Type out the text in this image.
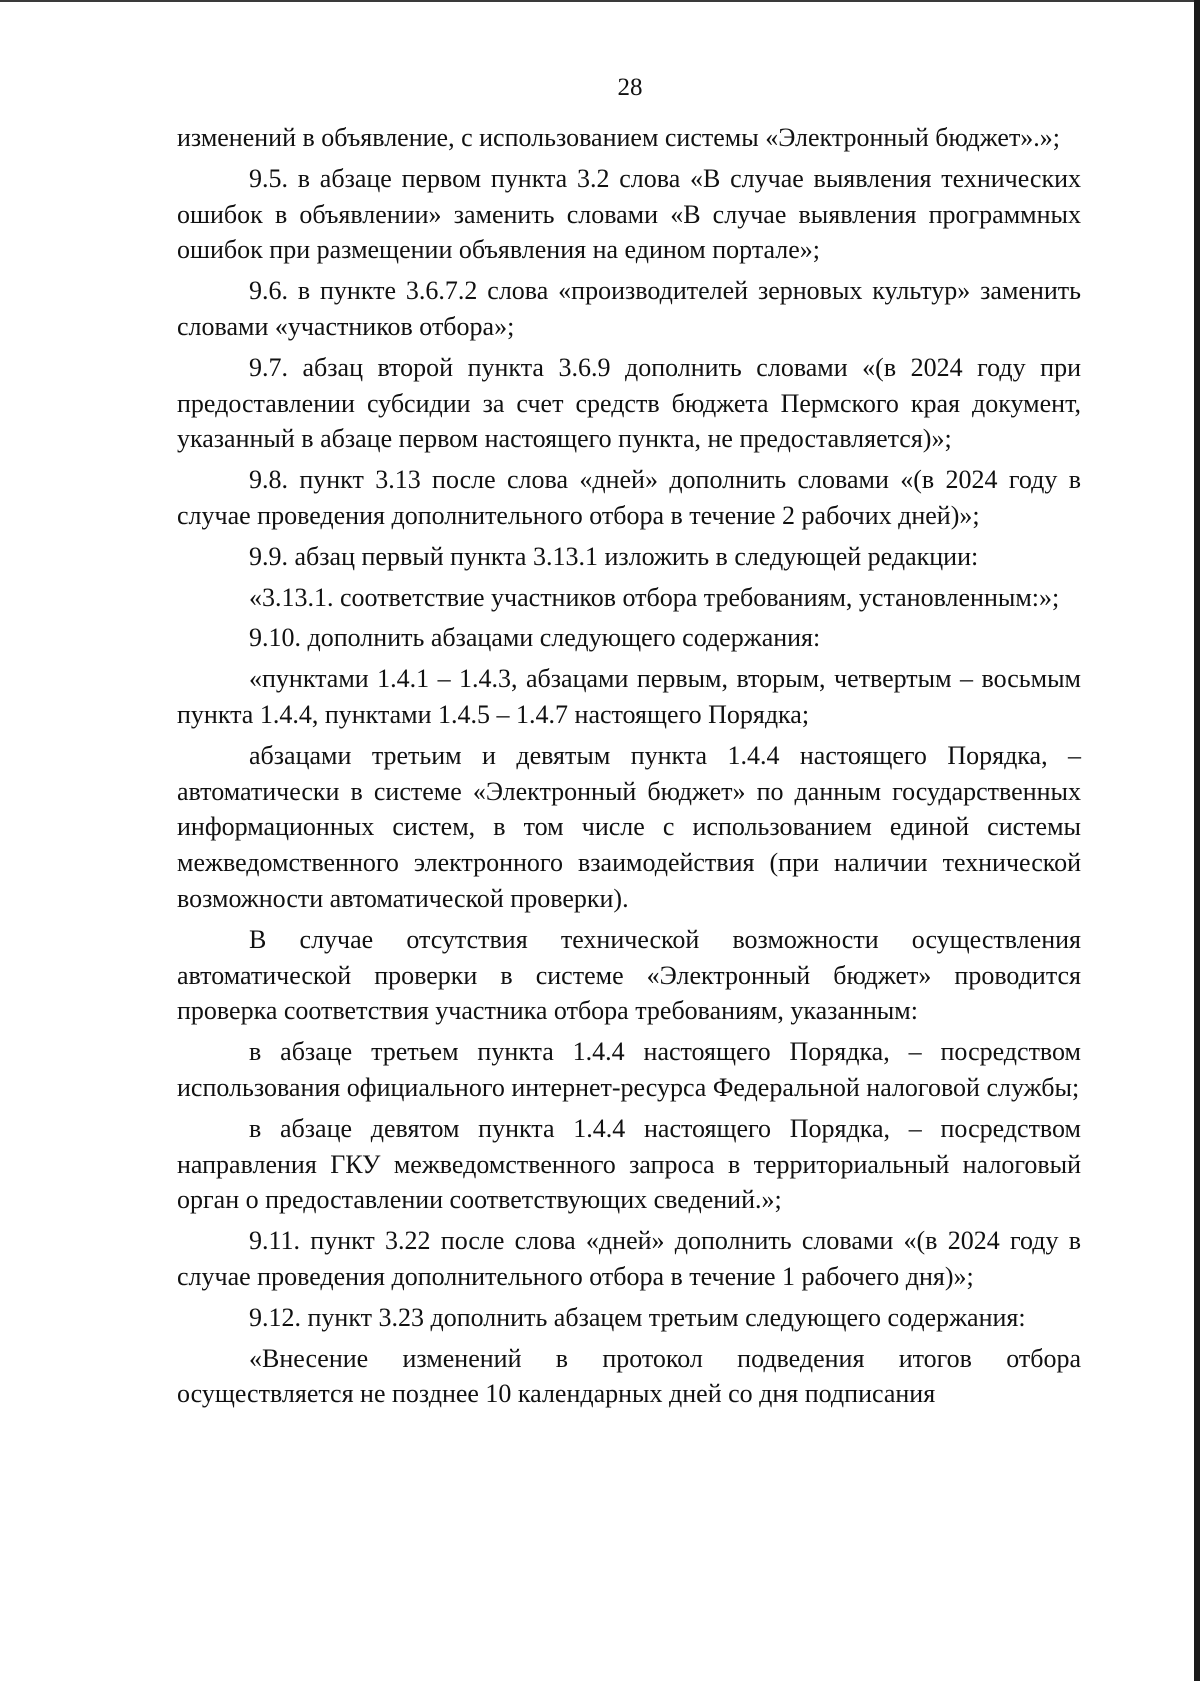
28

изменений в объявление, с использованием системы «Электронный бюджет».»;

9.5. в абзаце первом пункта 3.2 слова «В случае выявления технических ошибок в объявлении» заменить словами «В случае выявления программных ошибок при размещении объявления на едином портале»;

9.6. в пункте 3.6.7.2 слова «производителей зерновых культур» заменить словами «участников отбора»;

9.7. абзац второй пункта 3.6.9 дополнить словами «(в 2024 году при предоставлении субсидии за счет средств бюджета Пермского края документ, указанный в абзаце первом настоящего пункта, не предоставляется)»;

9.8. пункт 3.13 после слова «дней» дополнить словами «(в 2024 году в случае проведения дополнительного отбора в течение 2 рабочих дней)»;

9.9. абзац первый пункта 3.13.1 изложить в следующей редакции:

«3.13.1. соответствие участников отбора требованиям, установленным:»;

9.10. дополнить абзацами следующего содержания:

«пунктами 1.4.1 – 1.4.3, абзацами первым, вторым, четвертым – восьмым пункта 1.4.4, пунктами 1.4.5 – 1.4.7 настоящего Порядка;

абзацами третьим и девятым пункта 1.4.4 настоящего Порядка, – автоматически в системе «Электронный бюджет» по данным государственных информационных систем, в том числе с использованием единой системы межведомственного электронного взаимодействия (при наличии технической возможности автоматической проверки).

В случае отсутствия технической возможности осуществления автоматической проверки в системе «Электронный бюджет» проводится проверка соответствия участника отбора требованиям, указанным:

в абзаце третьем пункта 1.4.4 настоящего Порядка, – посредством использования официального интернет-ресурса Федеральной налоговой службы;

в абзаце девятом пункта 1.4.4 настоящего Порядка, – посредством направления ГКУ межведомственного запроса в территориальный налоговый орган о предоставлении соответствующих сведений.»;

9.11. пункт 3.22 после слова «дней» дополнить словами «(в 2024 году в случае проведения дополнительного отбора в течение 1 рабочего дня)»;

9.12. пункт 3.23 дополнить абзацем третьим следующего содержания:

«Внесение изменений в протокол подведения итогов отбора осуществляется не позднее 10 календарных дней со дня подписания
